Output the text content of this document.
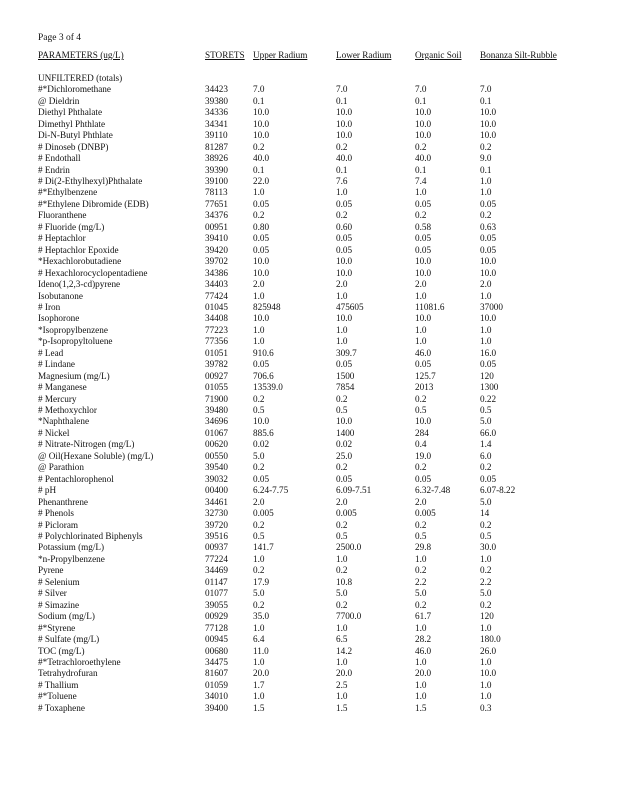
Page 3 of 4
PARAMETERS (ug/L)	STORETS	Upper Radium	Lower Radium	Organic Soil	Bonanza Silt-Rubble

UNFILTERED (totals)					
#*Dichloromethane	34423	7.0	7.0	7.0	7.0
@ Dieldrin	39380	0.1	0.1	0.1	0.1
Diethyl Phthalate	34336	10.0	10.0	10.0	10.0
Dimethyl Phthlate	34341	10.0	10.0	10.0	10.0
Di-N-Butyl Phthlate	39110	10.0	10.0	10.0	10.0
# Dinoseb (DNBP)	81287	0.2	0.2	0.2	0.2
# Endothall	38926	40.0	40.0	40.0	9.0
# Endrin	39390	0.1	0.1	0.1	0.1
# Di(2-Ethylhexyl)Phthalate	39100	22.0	7.6	7.4	1.0
#*Ethylbenzene	78113	1.0	1.0	1.0	1.0
#*Ethylene Dibromide (EDB)	77651	0.05	0.05	0.05	0.05
Fluoranthene	34376	0.2	0.2	0.2	0.2
# Fluoride (mg/L)	00951	0.80	0.60	0.58	0.63
# Heptachlor	39410	0.05	0.05	0.05	0.05
# Heptachlor Epoxide	39420	0.05	0.05	0.05	0.05
*Hexachlorobutadiene	39702	10.0	10.0	10.0	10.0
# Hexachlorocyclopentadiene	34386	10.0	10.0	10.0	10.0
Ideno(1,2,3-cd)pyrene	34403	2.0	2.0	2.0	2.0
Isobutanone	77424	1.0	1.0	1.0	1.0
# Iron	01045	825948	475605	11081.6	37000
Isophorone	34408	10.0	10.0	10.0	10.0
*Isopropylbenzene	77223	1.0	1.0	1.0	1.0
*p-Isopropyltoluene	77356	1.0	1.0	1.0	1.0
# Lead	01051	910.6	309.7	46.0	16.0
# Lindane	39782	0.05	0.05	0.05	0.05
Magnesium (mg/L)	00927	706.6	1500	125.7	120
# Manganese	01055	13539.0	7854	2013	1300
# Mercury	71900	0.2	0.2	0.2	0.22
# Methoxychlor	39480	0.5	0.5	0.5	0.5
*Naphthalene	34696	10.0	10.0	10.0	5.0
# Nickel	01067	885.6	1400	284	66.0
# Nitrate-Nitrogen (mg/L)	00620	0.02	0.02	0.4	1.4
@ Oil(Hexane Soluble) (mg/L)	00550	5.0	25.0	19.0	6.0
@ Parathion	39540	0.2	0.2	0.2	0.2
# Pentachlorophenol	39032	0.05	0.05	0.05	0.05
# pH	00400	6.24-7.75	6.09-7.51	6.32-7.48	6.07-8.22
Phenanthrene	34461	2.0	2.0	2.0	5.0
# Phenols	32730	0.005	0.005	0.005	14
# Picloram	39720	0.2	0.2	0.2	0.2
# Polychlorinated Biphenyls	39516	0.5	0.5	0.5	0.5
Potassium (mg/L)	00937	141.7	2500.0	29.8	30.0
*n-Propylbenzene	77224	1.0	1.0	1.0	1.0
Pyrene	34469	0.2	0.2	0.2	0.2
# Selenium	01147	17.9	10.8	2.2	2.2
# Silver	01077	5.0	5.0	5.0	5.0
# Simazine	39055	0.2	0.2	0.2	0.2
Sodium (mg/L)	00929	35.0	7700.0	61.7	120
#*Styrene	77128	1.0	1.0	1.0	1.0
# Sulfate (mg/L)	00945	6.4	6.5	28.2	180.0
TOC (mg/L)	00680	11.0	14.2	46.0	26.0
#*Tetrachloroethylene	34475	1.0	1.0	1.0	1.0
Tetrahydrofuran	81607	20.0	20.0	20.0	10.0
# Thallium	01059	1.7	2.5	1.0	1.0
#*Toluene	34010	1.0	1.0	1.0	1.0
# Toxaphene	39400	1.5	1.5	1.5	0.3
